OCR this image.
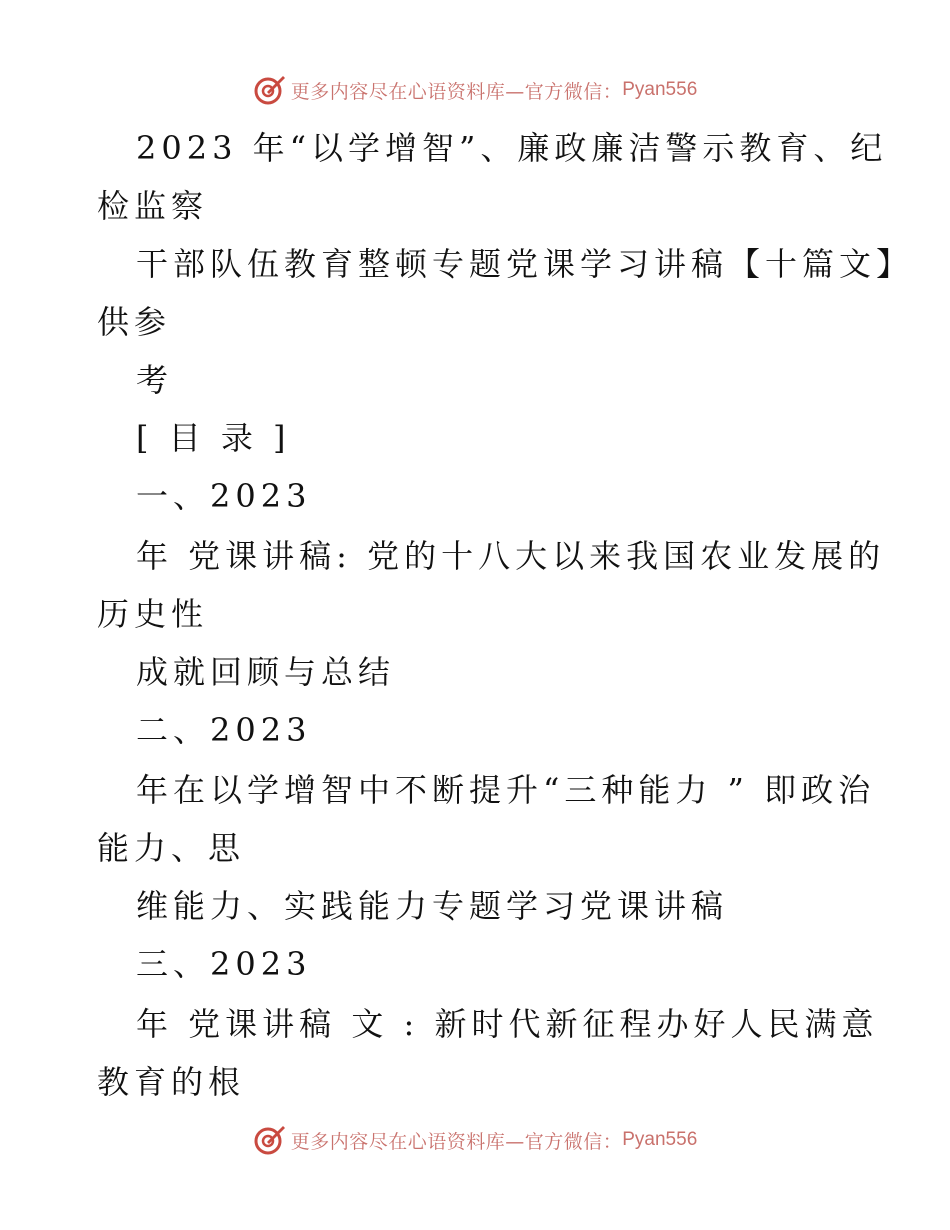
更多内容尽在心语资料库—官方微信： Pyan556
2023 年“以学增智”、廉政廉洁警示教育、纪
检监察
干部队伍教育整顿专题党课学习讲稿【十篇文】
供参
考
[ 目 录 ]
一、2023
年 党课讲稿: 党的十八大以来我国农业发展的
历史性
成就回顾与总结
二、2023
年在以学增智中不断提升“三种能力 ” 即政治
能力、思
维能力、实践能力专题学习党课讲稿
三、2023
年 党课讲稿 文 : 新时代新征程办好人民满意
教育的根
更多内容尽在心语资料库—官方微信： Pyan556
